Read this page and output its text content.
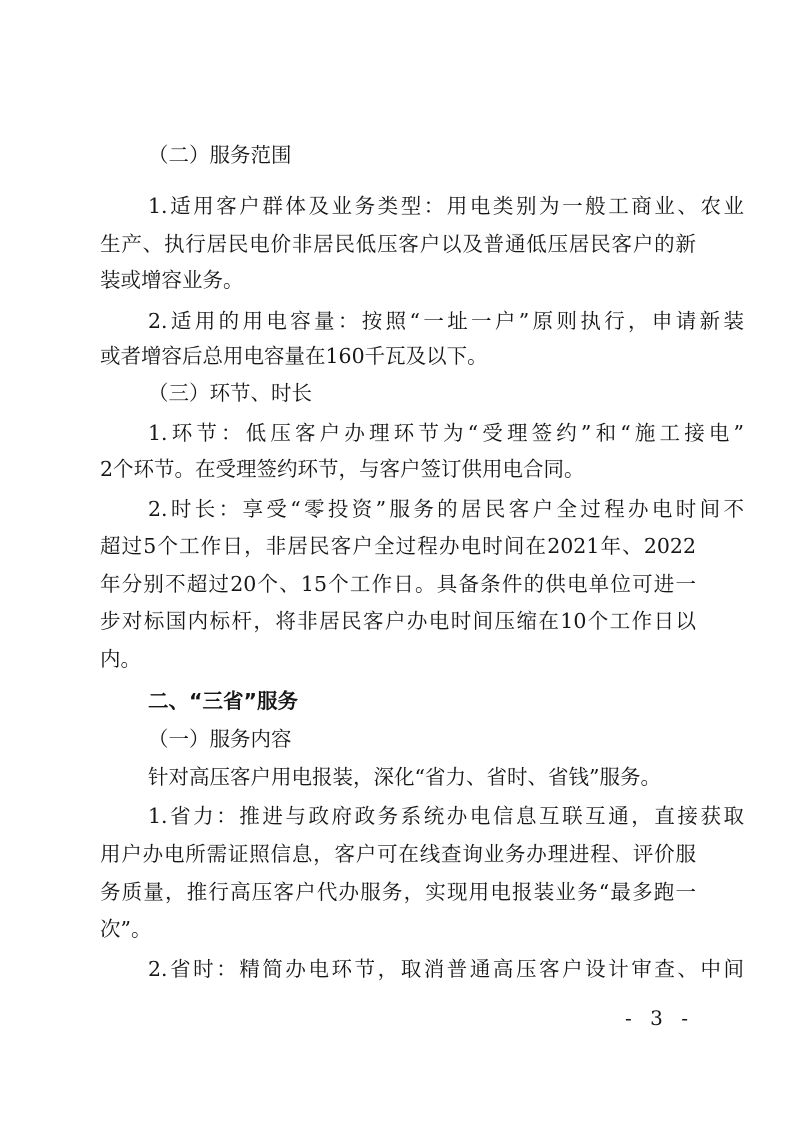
（二）服务范围
1.适用客户群体及业务类型：用电类别为一般工商业、农业
生产、执行居民电价非居民低压客户以及普通低压居民客户的新
装或增容业务。
2.适用的用电容量：按照“一址一户”原则执行，申请新装
或者增容后总用电容量在160千瓦及以下。
（三）环节、时长
1.环节：低压客户办理环节为“受理签约”和“施工接电”
2个环节。在受理签约环节，与客户签订供用电合同。
2.时长：享受“零投资”服务的居民客户全过程办电时间不
超过5个工作日，非居民客户全过程办电时间在2021年、2022
年分别不超过20个、15个工作日。具备条件的供电单位可进一
步对标国内标杆，将非居民客户办电时间压缩在10个工作日以
内。
二、“三省”服务
（一）服务内容
针对高压客户用电报装，深化“省力、省时、省钱”服务。
1.省力：推进与政府政务系统办电信息互联互通，直接获取
用户办电所需证照信息，客户可在线查询业务办理进程、评价服
务质量，推行高压客户代办服务，实现用电报装业务“最多跑一
次”。
2.省时：精简办电环节，取消普通高压客户设计审查、中间
- 3 -
